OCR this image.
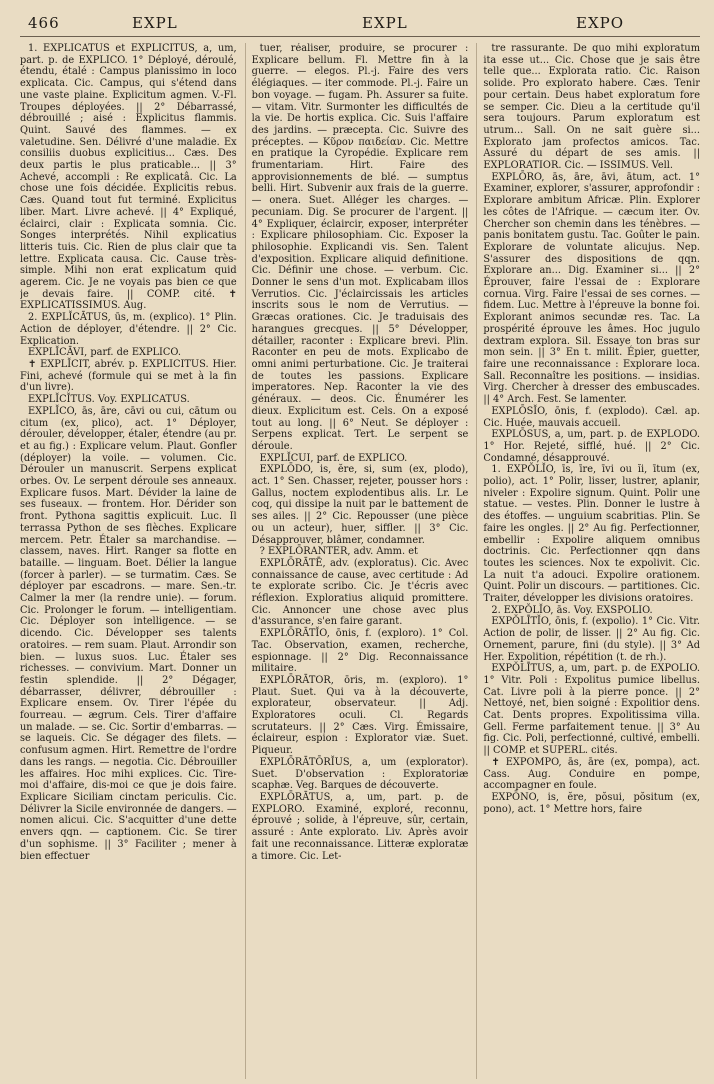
466	EXPL	EXPL	EXPO

1. EXPLĬCĀTUS et EXPLĬCĬTUS, a, um, part. p. de EXPLICO. 1° Déployé, déroulé, étendu, étalé : Campus planissimo in loco explicata. Cic. Campus, qui s'étend dans une vaste plaine. Explicitum agmen. V.-Fl. Troupes déployées. || 2° Débarrassé, débrouillé ; aisé : Explicitus flammis. Quint. Sauvé des flammes. — ex valetudine. Sen. Délivré d'une maladie. Ex consiliis duobus explicitius... Cæs. Des deux partis le plus praticable... || 3° Achevé, accompli : Re explicatâ. Cic. La chose une fois décidée. Explicitis rebus. Cæs. Quand tout fut terminé. Explicitus liber. Mart. Livre achevé. || 4° Expliqué, éclairci, clair : Explicata somnia. Cic. Songes interprétés. Nihil explicatius litteris tuis. Cic. Rien de plus clair que ta lettre. Explicata causa. Cic. Cause très-simple. Mihi non erat explicatum quid agerem. Cic. Je ne voyais pas bien ce que je devais faire. || COMP. cité. ✝ EXPLICATISSIMUS. Aug.

2. EXPLĬCĀTUS, ūs, m. (explico). 1° Plin. Action de déployer, d'étendre. || 2° Cic. Explication.

EXPLĬCĀVI, parf. de EXPLICO.

✝ EXPLĬCIT, abrév. p. EXPLICITUS. Hier. Fini, achevé (formule qui se met à la fin d'un livre).

EXPLĬCĬTUS. Voy. EXPLICATUS.

EXPLĬCO, ās, āre, cāvi ou cui, cātum ou citum (ex, plico), act. 1° Déployer, dérouler, développer, étaler, étendre (au pr. et au fig.) : Explicare velum. Plaut. Gonfler (déployer) la voile. — volumen. Cic. Dérouler un manuscrit. Serpens explicat orbes. Ov. Le serpent déroule ses anneaux. Explicare fusos. Mart. Dévider la laine de ses fuseaux. — frontem. Hor. Dérider son front. Pythona sagittis explicuit. Luc. Il terrassa Python de ses flèches. Explicare mercem. Petr. Étaler sa marchandise. — classem, naves. Hirt. Ranger sa flotte en bataille. — linguam. Boet. Délier la langue (forcer à parler). — se turmatim. Cæs. Se déployer par escadrons. — mare. Sen.-tr. Calmer la mer (la rendre unie). — forum. Cic. Prolonger le forum. — intelligentiam. Cic. Déployer son intelligence. — se dicendo. Cic. Développer ses talents oratoires. — rem suam. Plaut. Arrondir son bien. — luxus suos. Luc. Étaler ses richesses. — convivium. Mart. Donner un festin splendide. || 2° Dégager, débarrasser, délivrer, débrouiller : Explicare ensem. Ov. Tirer l'épée du fourreau. — ægrum. Cels. Tirer d'affaire un malade. — se. Cic. Sortir d'embarras. — se laqueis. Cic. Se dégager des filets. — confusum agmen. Hirt. Remettre de l'ordre dans les rangs. — negotia. Cic. Débrouiller les affaires. Hoc mihi explices. Cic. Tire-moi d'affaire, dis-moi ce que je dois faire. Explicare Siciliam cinctam periculis. Cic. Délivrer la Sicile environnée de dangers. — nomen alicui. Cic. S'acquitter d'une dette envers qqn. — captionem. Cic. Se tirer d'un sophisme. || 3° Faciliter ; mener à bien effectuer

tuer, réaliser, produire, se procurer : Explicare bellum. Fl. Mettre fin à la guerre. — elegos. Pl.-j. Faire des vers élégiaques. — iter commode. Pl.-j. Faire un bon voyage. — fugam. Ph. Assurer sa fuite. — vitam. Vitr. Surmonter les difficultés de la vie. De hortis explica. Cic. Suis l'affaire des jardins. — præcepta. Cic. Suivre des préceptes. — Κῦρον παιδείαν. Cic. Mettre en pratique la Cyropédie. Explicare rem frumentariam. Hirt. Faire des approvisionnements de blé. — sumptus belli. Hirt. Subvenir aux frais de la guerre. — onera. Suet. Alléger les charges. — pecuniam. Dig. Se procurer de l'argent. || 4° Expliquer, éclaircir, exposer, interpréter : Explicare philosophiam. Cic. Exposer la philosophie. Explicandi vis. Sen. Talent d'exposition. Explicare aliquid definitione. Cic. Définir une chose. — verbum. Cic. Donner le sens d'un mot. Explicabam illos Verrutios. Cic. J'éclaircissais les articles inscrits sous le nom de Verrutius. — Græcas orationes. Cic. Je traduisais des harangues grecques. || 5° Développer, détailler, raconter : Explicare brevi. Plin. Raconter en peu de mots. Explicabo de omni animi perturbatione. Cic. Je traiterai de toutes les passions. Explicare imperatores. Nep. Raconter la vie des généraux. — deos. Cic. Énumérer les dieux. Explicitum est. Cels. On a exposé tout au long. || 6° Neut. Se déployer : Serpens explicat. Tert. Le serpent se déroule.

EXPLĬCUI, parf. de EXPLICO.

EXPLŌDO, is, ĕre, si, sum (ex, plodo), act. 1° Sen. Chasser, rejeter, pousser hors : Gallus, noctem explodentibus alis. Lr. Le coq, qui dissipe la nuit par le battement de ses ailes. || 2° Cic. Repousser (une pièce ou un acteur), huer, siffler. || 3° Cic. Désapprouver, blâmer, condamner.

? EXPLŌRANTER, adv. Amm. et

EXPLŌRĀTĒ, adv. (exploratus). Cic. Avec connaissance de cause, avec certitude : Ad te explorate scribo. Cic. Je t'écris avec réflexion. Exploratius aliquid promittere. Cic. Annoncer une chose avec plus d'assurance, s'en faire garant.

EXPLŌRĀTĬO, ōnis, f. (exploro). 1° Col. Tac. Observation, examen, recherche, espionnage. || 2° Dig. Reconnaissance militaire.

EXPLŌRĀTOR, ōris, m. (exploro). 1° Plaut. Suet. Qui va à la découverte, explorateur, observateur. || Adj. Exploratores oculi. Cl. Regards scrutateurs. || 2° Cæs. Virg. Émissaire, éclaireur, espion : Explorator viæ. Suet. Piqueur.

EXPLŌRĀTŌRĬUS, a, um (explorator). Suet. D'observation : Exploratoriæ scaphæ. Veg. Barques de découverte.

EXPLŌRĀTUS, a, um, part. p. de EXPLORO. Examiné, exploré, reconnu, éprouvé ; solide, à l'épreuve, sûr, certain, assuré : Ante explorato. Liv. Après avoir fait une reconnaissance. Litteræ exploratæ a timore. Cic. Let-

tre rassurante. De quo mihi exploratum ita esse ut... Cic. Chose que je sais être telle que... Explorata ratio. Cic. Raison solide. Pro explorato habere. Cæs. Tenir pour certain. Deus habet exploratum fore se semper. Cic. Dieu a la certitude qu'il sera toujours. Parum exploratum est utrum... Sall. On ne sait guère si... Explorato jam profectos amicos. Tac. Assuré du départ de ses amis. || EXPLORATIOR. Cic. — ISSIMUS. Vell.

EXPLŌRO, ās, āre, āvi, ātum, act. 1° Examiner, explorer, s'assurer, approfondir : Explorare ambitum Africæ. Plin. Explorer les côtes de l'Afrique. — cæcum iter. Ov. Chercher son chemin dans les ténèbres. — panis bonitatem gustu. Tac. Goûter le pain. Explorare de voluntate alicujus. Nep. S'assurer des dispositions de qqn. Explorare an... Dig. Examiner si... || 2° Éprouver, faire l'essai de : Explorare cornua. Virg. Faire l'essai de ses cornes. — fidem. Luc. Mettre à l'épreuve la bonne foi. Explorant animos secundæ res. Tac. La prospérité éprouve les âmes. Hoc jugulo dextram explora. Sil. Essaye ton bras sur mon sein. || 3° En t. milit. Épier, guetter, faire une reconnaissance : Explorare loca. Sall. Reconnaître les positions. — insidias. Virg. Chercher à dresser des embuscades. || 4° Arch. Fest. Se lamenter.

EXPLŌSĬO, ōnis, f. (explodo). Cæl. ap. Cic. Huée, mauvais accueil.

EXPLŌSUS, a, um, part. p. de EXPLODO. 1° Hor. Rejeté, sifflé, hué. || 2° Cic. Condamné, désapprouvé.

1. EXPŎLĬO, īs, īre, īvi ou ĭi, ītum (ex, polio), act. 1° Polir, lisser, lustrer, aplanir, niveler : Expolire signum. Quint. Polir une statue. — vestes. Plin. Donner le lustre à des étoffes. — unguium scabritias. Plin. Se faire les ongles. || 2° Au fig. Perfectionner, embellir : Expolire aliquem omnibus doctrinis. Cic. Perfectionner qqn dans toutes les sciences. Nox te expolivit. Cic. La nuit t'a adouci. Expolire orationem. Quint. Polir un discours. — partitiones. Cic. Traiter, développer les divisions oratoires.

2. EXPŎLĬO, ās. Voy. EXSPOLIO.

EXPŎLĪTĬO, ōnis, f. (expolio). 1° Cic. Vitr. Action de polir, de lisser. || 2° Au fig. Cic. Ornement, parure, fini (du style). || 3° Ad Her. Expolition, répétition (t. de rh.).

EXPŎLĪTUS, a, um, part. p. de EXPOLIO. 1° Vitr. Poli : Expolitus pumice libellus. Cat. Livre poli à la pierre ponce. || 2° Nettoyé, net, bien soigné : Expolitior dens. Cat. Dents propres. Expolitissima villa. Gell. Ferme parfaitement tenue. || 3° Au fig. Cic. Poli, perfectionné, cultivé, embelli. || COMP. et SUPERL. cités.

✝ EXPOMPO, ās, āre (ex, pompa), act. Cass. Aug. Conduire en pompe, accompagner en foule.

EXPŌNO, is, ĕre, pŏsui, pŏsitum (ex, pono), act. 1° Mettre hors, faire
